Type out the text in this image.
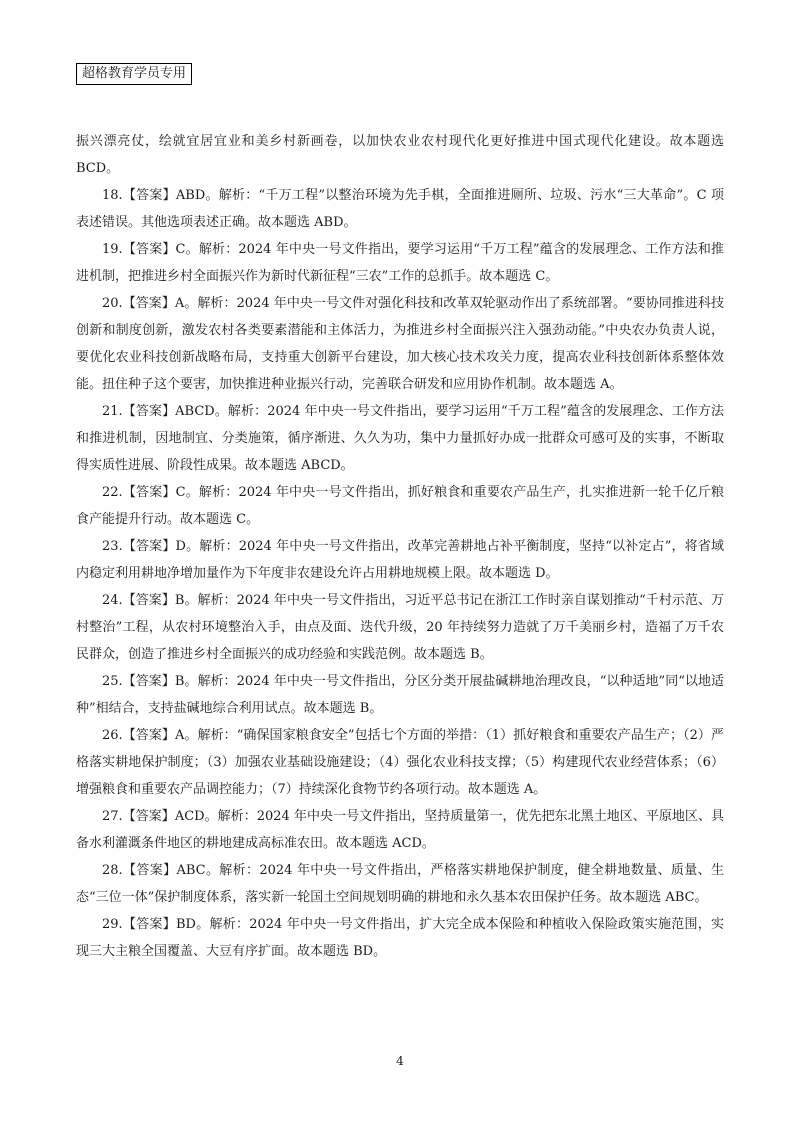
超格教育学员专用

振兴漂亮仗，绘就宜居宜业和美乡村新画卷，以加快农业农村现代化更好推进中国式现代化建设。故本题选 BCD。

18.【答案】ABD。解析：“千万工程”以整治环境为先手棋，全面推进厕所、垃圾、污水“三大革命”。C 项表述错误。其他选项表述正确。故本题选 ABD。

19.【答案】C。解析：2024 年中央一号文件指出，要学习运用“千万工程”蕴含的发展理念、工作方法和推进机制，把推进乡村全面振兴作为新时代新征程“三农”工作的总抓手。故本题选 C。

20.【答案】A。解析：2024 年中央一号文件对强化科技和改革双轮驱动作出了系统部署。“要协同推进科技创新和制度创新，激发农村各类要素潜能和主体活力，为推进乡村全面振兴注入强劲动能。”中央农办负责人说，要优化农业科技创新战略布局，支持重大创新平台建设，加大核心技术攻关力度，提高农业科技创新体系整体效能。扭住种子这个要害，加快推进种业振兴行动，完善联合研发和应用协作机制。故本题选 A。

21.【答案】ABCD。解析：2024 年中央一号文件指出，要学习运用“千万工程”蕴含的发展理念、工作方法和推进机制，因地制宜、分类施策，循序渐进、久久为功，集中力量抓好办成一批群众可感可及的实事，不断取得实质性进展、阶段性成果。故本题选 ABCD。

22.【答案】C。解析：2024 年中央一号文件指出，抓好粮食和重要农产品生产，扎实推进新一轮千亿斤粮食产能提升行动。故本题选 C。

23.【答案】D。解析：2024 年中央一号文件指出，改革完善耕地占补平衡制度，坚持“以补定占”，将省域内稳定利用耕地净增加量作为下年度非农建设允许占用耕地规模上限。故本题选 D。

24.【答案】B。解析：2024 年中央一号文件指出，习近平总书记在浙江工作时亲自谋划推动“千村示范、万村整治”工程，从农村环境整治入手，由点及面、迭代升级，20 年持续努力造就了万千美丽乡村，造福了万千农民群众，创造了推进乡村全面振兴的成功经验和实践范例。故本题选 B。

25.【答案】B。解析：2024 年中央一号文件指出，分区分类开展盐碱耕地治理改良，“以种适地”同“以地适种”相结合，支持盐碱地综合利用试点。故本题选 B。

26.【答案】A。解析：“确保国家粮食安全”包括七个方面的举措：（1）抓好粮食和重要农产品生产；（2）严格落实耕地保护制度；（3）加强农业基础设施建设；（4）强化农业科技支撑；（5）构建现代农业经营体系；（6）增强粮食和重要农产品调控能力；（7）持续深化食物节约各项行动。故本题选 A。

27.【答案】ACD。解析：2024 年中央一号文件指出，坚持质量第一，优先把东北黑土地区、平原地区、具备水利灌溉条件地区的耕地建成高标准农田。故本题选 ACD。

28.【答案】ABC。解析：2024 年中央一号文件指出，严格落实耕地保护制度，健全耕地数量、质量、生态“三位一体”保护制度体系，落实新一轮国土空间规划明确的耕地和永久基本农田保护任务。故本题选 ABC。

29.【答案】BD。解析：2024 年中央一号文件指出，扩大完全成本保险和种植收入保险政策实施范围，实现三大主粮全国覆盖、大豆有序扩面。故本题选 BD。

4
